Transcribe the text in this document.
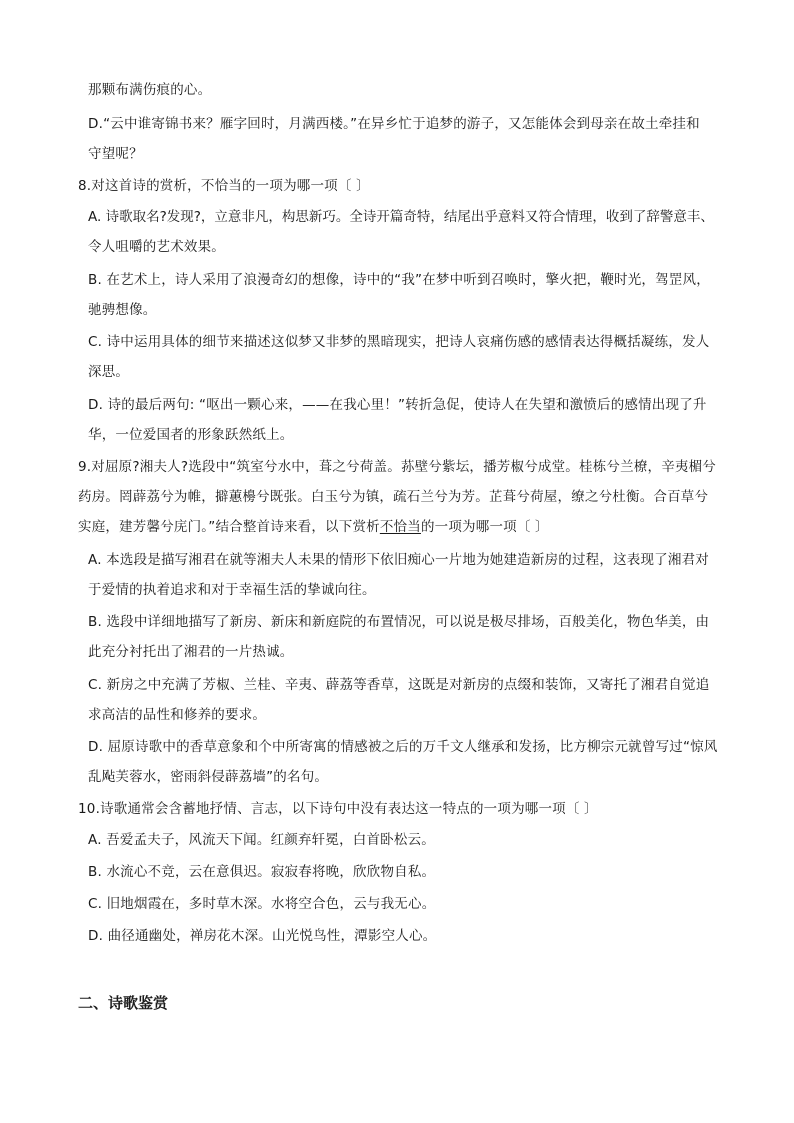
那颗布满伤痕的心。
D.“云中谁寄锦书来？雁字回时，月满西楼。”在异乡忙于追梦的游子，又怎能体会到母亲在故土牵挂和
守望呢？
8.对这首诗的赏析，不恰当的一项为哪一项〔 〕
A. 诗歌取名?发现?，立意非凡，构思新巧。全诗开篇奇特，结尾出乎意料又符合情理，收到了辞警意丰、
令人咀嚼的艺术效果。
B. 在艺术上，诗人采用了浪漫奇幻的想像，诗中的“我”在梦中听到召唤时，擎火把，鞭时光，驾罡风，
驰骋想像。
C. 诗中运用具体的细节来描述这似梦又非梦的黑暗现实，把诗人哀痛伤感的感情表达得概括凝练，发人
深思。
D. 诗的最后两句: “呕出一颗心来，——在我心里！”转折急促，使诗人在失望和激愤后的感情出现了升
华，一位爱国者的形象跃然纸上。
9.对屈原?湘夫人?选段中“筑室兮水中，葺之兮荷盖。荪壁兮紫坛，播芳椒兮成堂。桂栋兮兰橑，辛夷楣兮
药房。罔薜荔兮为帷，擗蕙櫋兮既张。白玉兮为镇，疏石兰兮为芳。芷葺兮荷屋，缭之兮杜衡。合百草兮
实庭，建芳馨兮庑门。”结合整首诗来看，以下赏析不恰当的一项为哪一项〔 〕
A. 本选段是描写湘君在就等湘夫人未果的情形下依旧痴心一片地为她建造新房的过程，这表现了湘君对
于爱情的执着追求和对于幸福生活的挚诚向往。
B. 选段中详细地描写了新房、新床和新庭院的布置情况，可以说是极尽排场，百般美化，物色华美，由
此充分衬托出了湘君的一片热诚。
C. 新房之中充满了芳椒、兰桂、辛夷、薜荔等香草，这既是对新房的点缀和装饰，又寄托了湘君自觉追
求高洁的品性和修养的要求。
D. 屈原诗歌中的香草意象和个中所寄寓的情感被之后的万千文人继承和发扬，比方柳宗元就曾写过“惊风
乱飐芙蓉水，密雨斜侵薜荔墙”的名句。
10.诗歌通常会含蓄地抒情、言志，以下诗句中没有表达这一特点的一项为哪一项〔 〕
A. 吾爱孟夫子，风流天下闻。红颜弃轩冕，白首卧松云。
B. 水流心不竞，云在意俱迟。寂寂春将晚，欣欣物自私。
C. 旧地烟霞在，多时草木深。水将空合色，云与我无心。
D. 曲径通幽处，禅房花木深。山光悦鸟性，潭影空人心。
二、诗歌鉴赏
